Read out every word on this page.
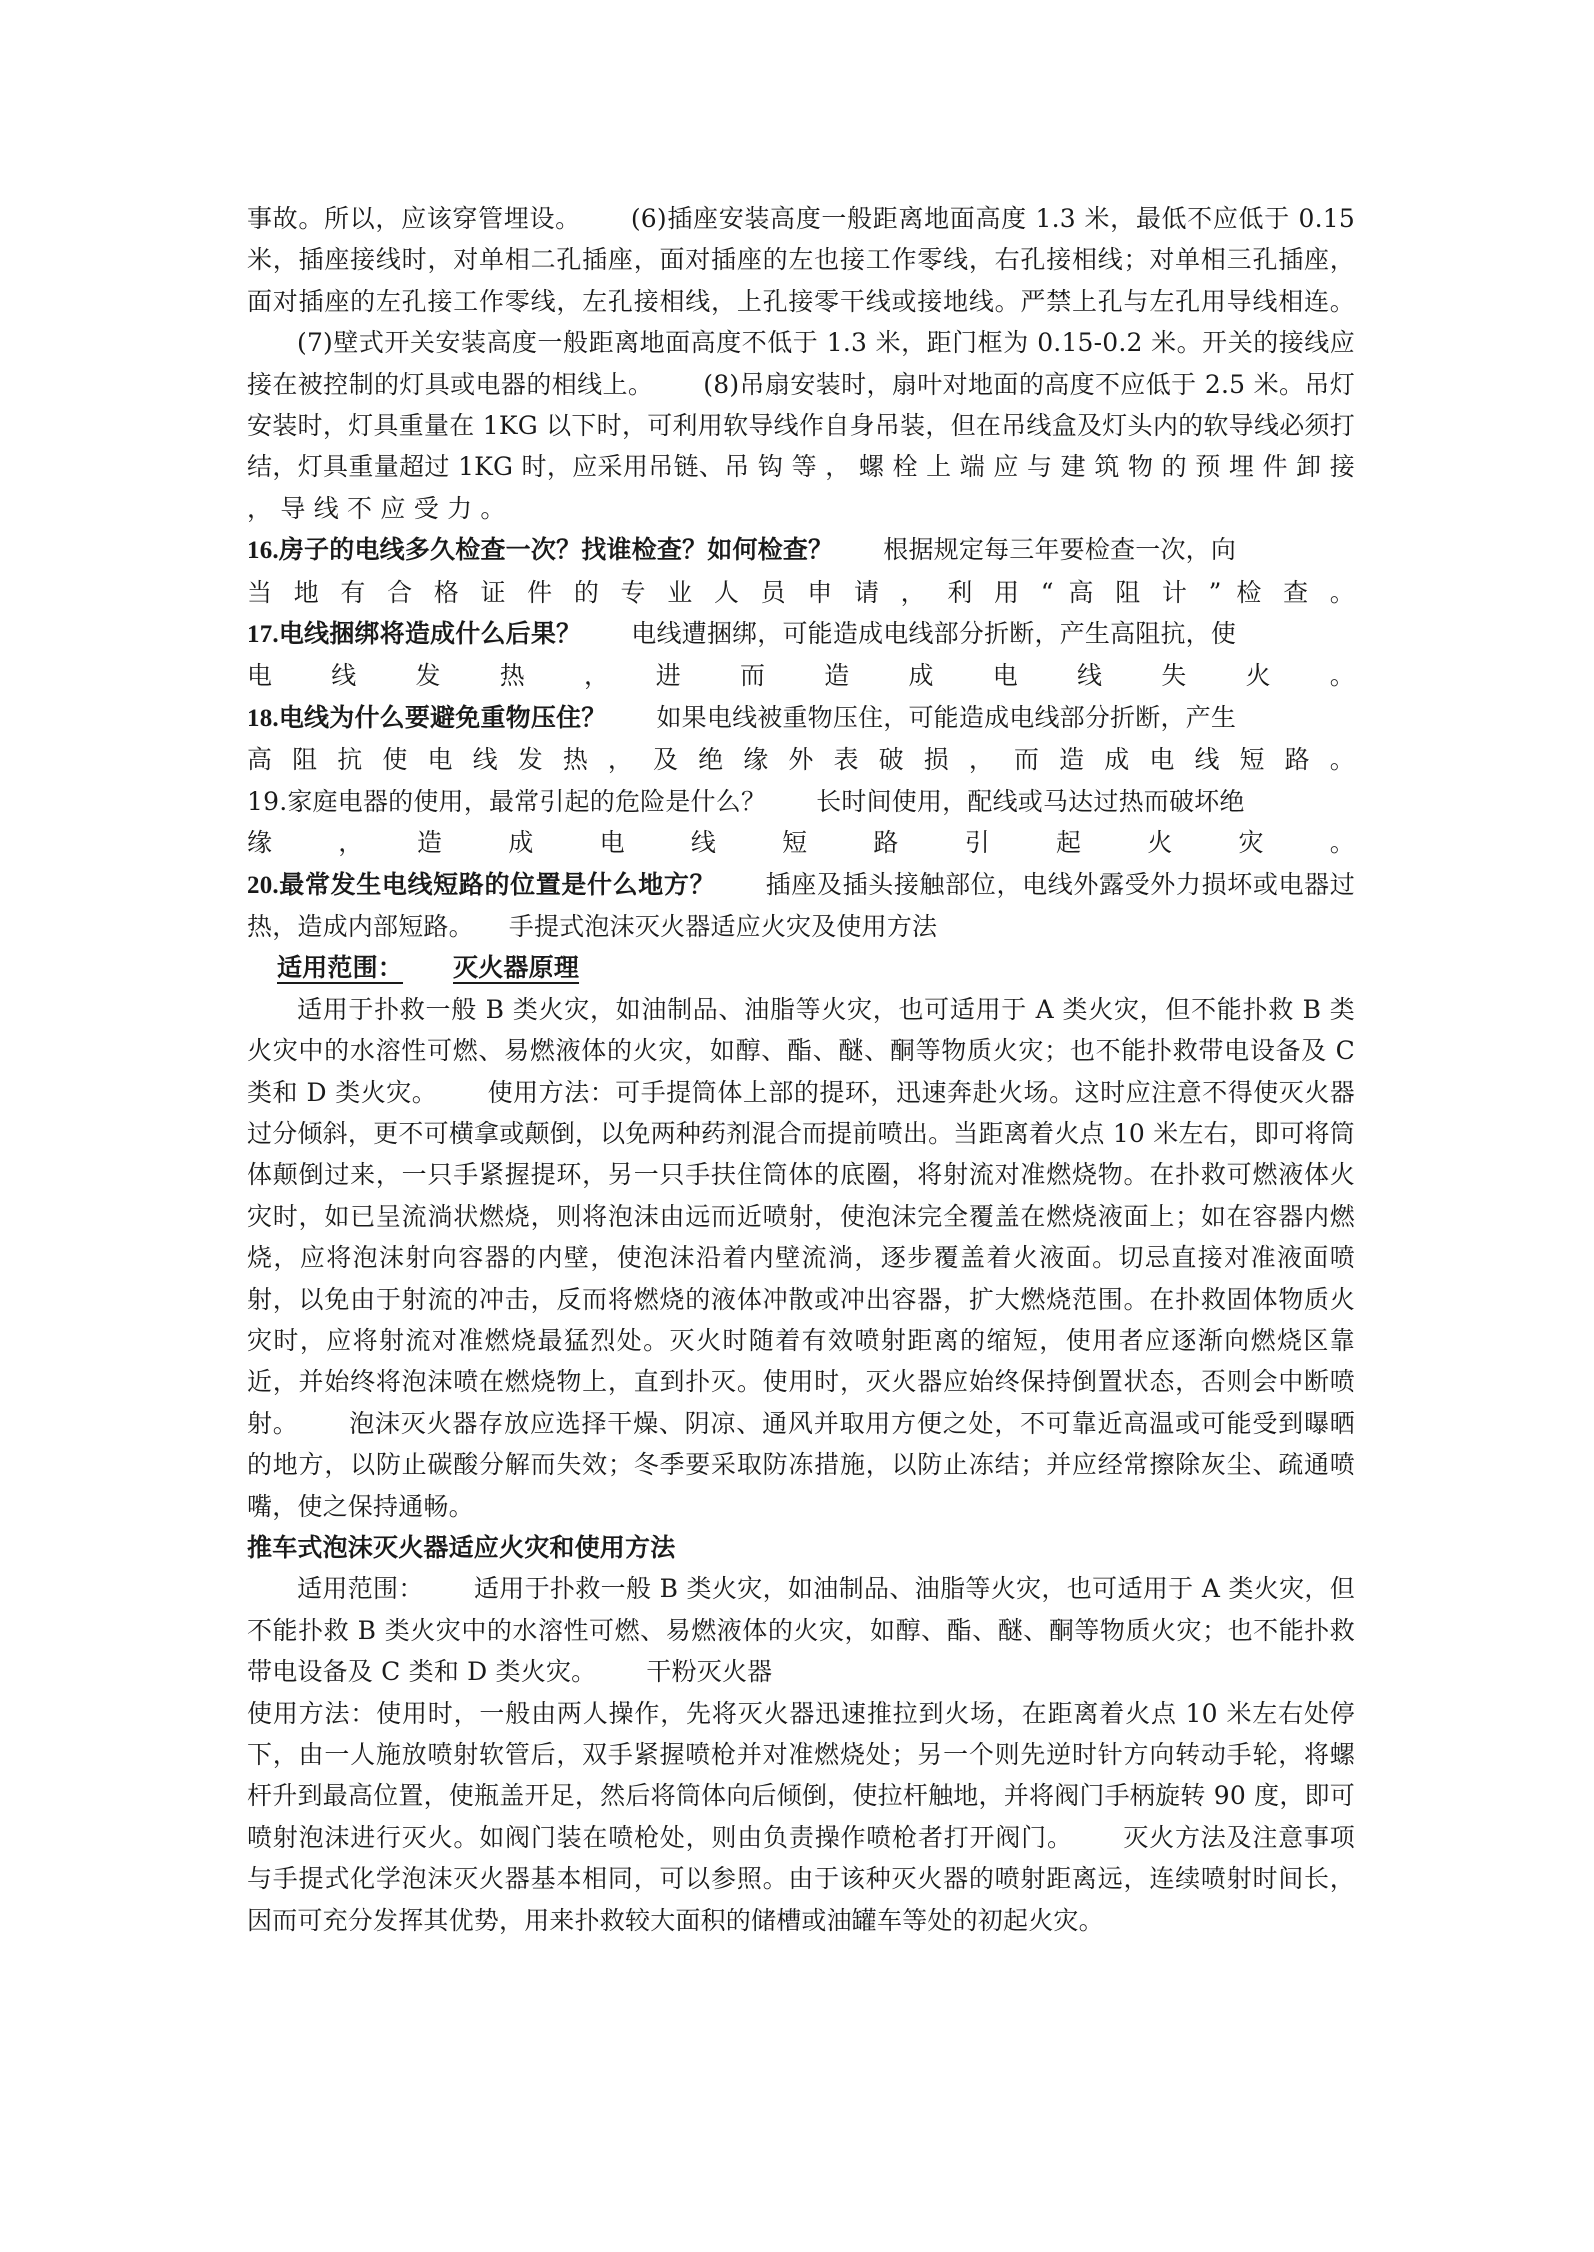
事故。所以，应该穿管埋设。 (6)插座安装高度一般距离地面高度 1.3 米，最低不应低于 0.15 米，插座接线时，对单相二孔插座，面对插座的左也接工作零线，右孔接相线；对单相三孔插座，面对插座的左孔接工作零线，左孔接相线，上孔接零干线或接地线。严禁上孔与左孔用导线相连。(7)壁式开关安装高度一般距离地面高度不低于 1.3 米，距门框为 0.15-0.2 米。开关的接线应接在被控制的灯具或电器的相线上。 (8)吊扇安装时，扇叶对地面的高度不应低于 2.5 米。吊灯安装时，灯具重量在 1KG 以下时，可利用软导线作自身吊装，但在吊线盒及灯头内的软导线必须打结，灯具重量超过 1KG 时，应采用吊链、吊 钩 等 ， 螺 栓 上 端 应 与 建 筑 物 的 预 埋 件 卸 接 ， 导 线 不 应 受 力 。

16.房子的电线多久检查一次？找谁检查？如何检查？ 根据规定每三年要检查一次，向

当 地 有 合 格 证 件 的 专 业 人 员 申 请 ， 利 用 “ 高 阻 计 ” 检 查 。

17.电线捆绑将造成什么后果？ 电线遭捆绑，可能造成电线部分折断，产生高阻抗，使

电　　线　　发　　热　　，　　进　　而　　造　　成　　电　　线　　失　　火　　。

18.电线为什么要避免重物压住？ 如果电线被重物压住，可能造成电线部分折断，产生

高 阻 抗 使 电 线 发 热 ， 及 绝 缘 外 表 破 损 ， 而 造 成 电 线 短 路 。

19.家庭电器的使用，最常引起的危险是什么？ 长时间使用，配线或马达过热而破坏绝

缘　　，　　造　　成　　电　　线　　短　　路　　引　　起　　火　　灾　　。

20.最常发生电线短路的位置是什么地方？ 插座及插头接触部位，电线外露受外力损坏或电器过热，造成内部短路。 手提式泡沫灭火器适应火灾及使用方法

适用范围： 灭火器原理

适用于扑救一般 B 类火灾，如油制品、油脂等火灾，也可适用于 A 类火灾，但不能扑救 B 类火灾中的水溶性可燃、易燃液体的火灾，如醇、酯、醚、酮等物质火灾；也不能扑救带电设备及 C 类和 D 类火灾。 使用方法：可手提筒体上部的提环，迅速奔赴火场。这时应注意不得使灭火器过分倾斜，更不可横拿或颠倒，以免两种药剂混合而提前喷出。当距离着火点 10 米左右，即可将筒体颠倒过来，一只手紧握提环，另一只手扶住筒体的底圈，将射流对准燃烧物。在扑救可燃液体火灾时，如已呈流淌状燃烧，则将泡沫由远而近喷射，使泡沫完全覆盖在燃烧液面上；如在容器内燃烧，应将泡沫射向容器的内壁，使泡沫沿着内壁流淌，逐步覆盖着火液面。切忌直接对准液面喷射，以免由于射流的冲击，反而将燃烧的液体冲散或冲出容器，扩大燃烧范围。在扑救固体物质火灾时，应将射流对准燃烧最猛烈处。灭火时随着有效喷射距离的缩短，使用者应逐渐向燃烧区靠近，并始终将泡沫喷在燃烧物上，直到扑灭。使用时，灭火器应始终保持倒置状态，否则会中断喷射。 泡沫灭火器存放应选择干燥、阴凉、通风并取用方便之处，不可靠近高温或可能受到曝晒的地方，以防止碳酸分解而失效；冬季要采取防冻措施，以防止冻结；并应经常擦除灰尘、疏通喷嘴，使之保持通畅。

推车式泡沫灭火器适应火灾和使用方法

适用范围： 适用于扑救一般 B 类火灾，如油制品、油脂等火灾，也可适用于 A 类火灾，但不能扑救 B 类火灾中的水溶性可燃、易燃液体的火灾，如醇、酯、醚、酮等物质火灾；也不能扑救带电设备及 C 类和 D 类火灾。 干粉灭火器

使用方法：使用时，一般由两人操作，先将灭火器迅速推拉到火场，在距离着火点 10 米左右处停下，由一人施放喷射软管后，双手紧握喷枪并对准燃烧处；另一个则先逆时针方向转动手轮，将螺杆升到最高位置，使瓶盖开足，然后将筒体向后倾倒，使拉杆触地，并将阀门手柄旋转 90 度，即可喷射泡沫进行灭火。如阀门装在喷枪处，则由负责操作喷枪者打开阀门。 灭火方法及注意事项与手提式化学泡沫灭火器基本相同，可以参照。由于该种灭火器的喷射距离远，连续喷射时间长，因而可充分发挥其优势，用来扑救较大面积的储槽或油罐车等处的初起火灾。
